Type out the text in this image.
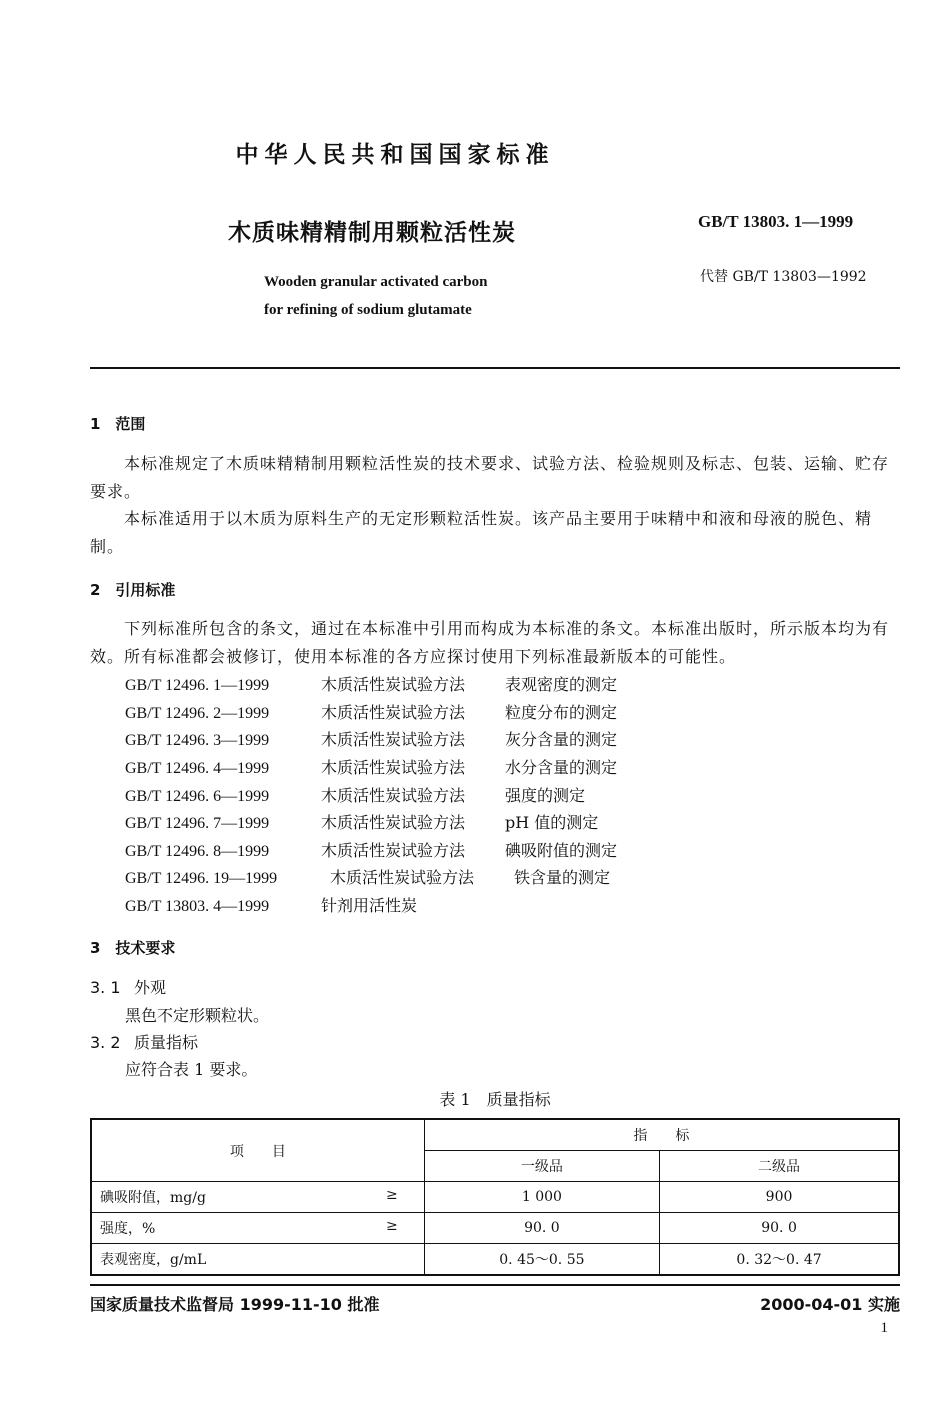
中华人民共和国国家标准
木质味精精制用颗粒活性炭	GB/T 13803. 1—1999
Wooden granular activated carbon
for refining of sodium glutamate
代替 GB/T 13803—1992
1　范围
本标准规定了木质味精精制用颗粒活性炭的技术要求、试验方法、检验规则及标志、包装、运输、贮存要求。
本标准适用于以木质为原料生产的无定形颗粒活性炭。该产品主要用于味精中和液和母液的脱色、精制。
2　引用标准
下列标准所包含的条文，通过在本标准中引用而构成为本标准的条文。本标准出版时，所示版本均为有效。所有标准都会被修订，使用本标准的各方应探讨使用下列标准最新版本的可能性。
GB/T 12496. 1—1999	木质活性炭试验方法 表观密度的测定
GB/T 12496. 2—1999	木质活性炭试验方法 粒度分布的测定
GB/T 12496. 3—1999	木质活性炭试验方法 灰分含量的测定
GB/T 12496. 4—1999	木质活性炭试验方法 水分含量的测定
GB/T 12496. 6—1999	木质活性炭试验方法 强度的测定
GB/T 12496. 7—1999	木质活性炭试验方法 pH 值的测定
GB/T 12496. 8—1999	木质活性炭试验方法 碘吸附值的测定
GB/T 12496. 19—1999	木质活性炭试验方法 铁含量的测定
GB/T 13803. 4—1999	针剂用活性炭
3　技术要求
3. 1 外观
黑色不定形颗粒状。
3. 2 质量指标
应符合表 1 要求。
表 1　质量指标
项　　目	指　　标	
	一级品	二级品

碘吸附值，mg/g ≥	1 000	900

强度，% ≥	90. 0	90. 0

表观密度，g/mL	0. 45～0. 55	0. 32～0. 47
国家质量技术监督局 1999-11-10 批准	2000-04-01 实施
1
